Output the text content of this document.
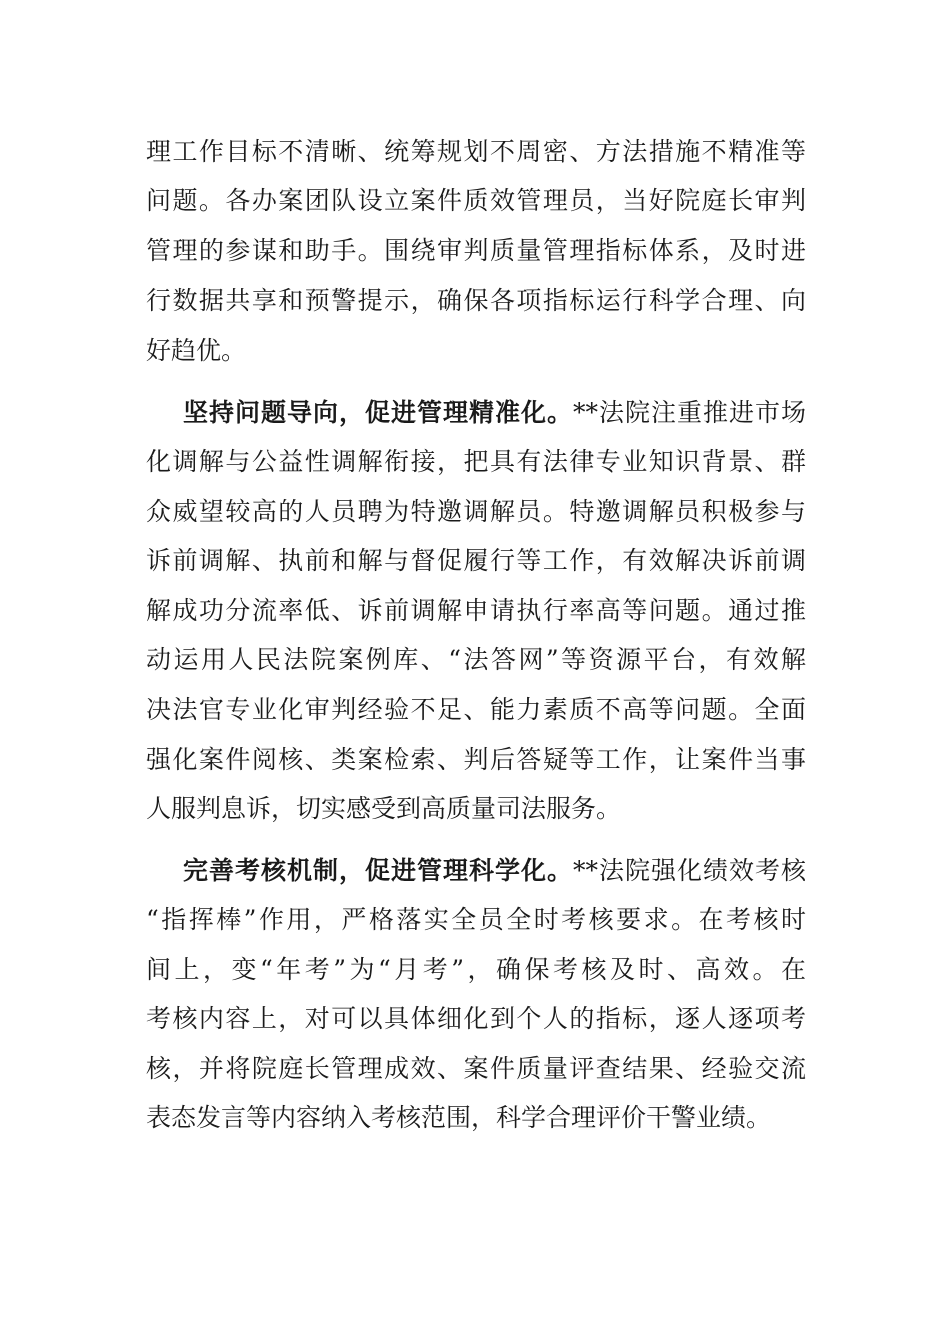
理工作目标不清晰、统筹规划不周密、方法措施不精准等
问题。各办案团队设立案件质效管理员，当好院庭长审判
管理的参谋和助手。围绕审判质量管理指标体系，及时进
行数据共享和预警提示，确保各项指标运行科学合理、向
好趋优。
坚持问题导向，促进管理精准化。**法院注重推进市场
化调解与公益性调解衔接，把具有法律专业知识背景、群
众威望较高的人员聘为特邀调解员。特邀调解员积极参与
诉前调解、执前和解与督促履行等工作，有效解决诉前调
解成功分流率低、诉前调解申请执行率高等问题。通过推
动运用人民法院案例库、“法答网”等资源平台，有效解
决法官专业化审判经验不足、能力素质不高等问题。全面
强化案件阅核、类案检索、判后答疑等工作，让案件当事
人服判息诉，切实感受到高质量司法服务。
完善考核机制，促进管理科学化。**法院强化绩效考核
“指挥棒”作用，严格落实全员全时考核要求。在考核时
间上，变“年考”为“月考”，确保考核及时、高效。在
考核内容上，对可以具体细化到个人的指标，逐人逐项考
核，并将院庭长管理成效、案件质量评查结果、经验交流
表态发言等内容纳入考核范围，科学合理评价干警业绩。
